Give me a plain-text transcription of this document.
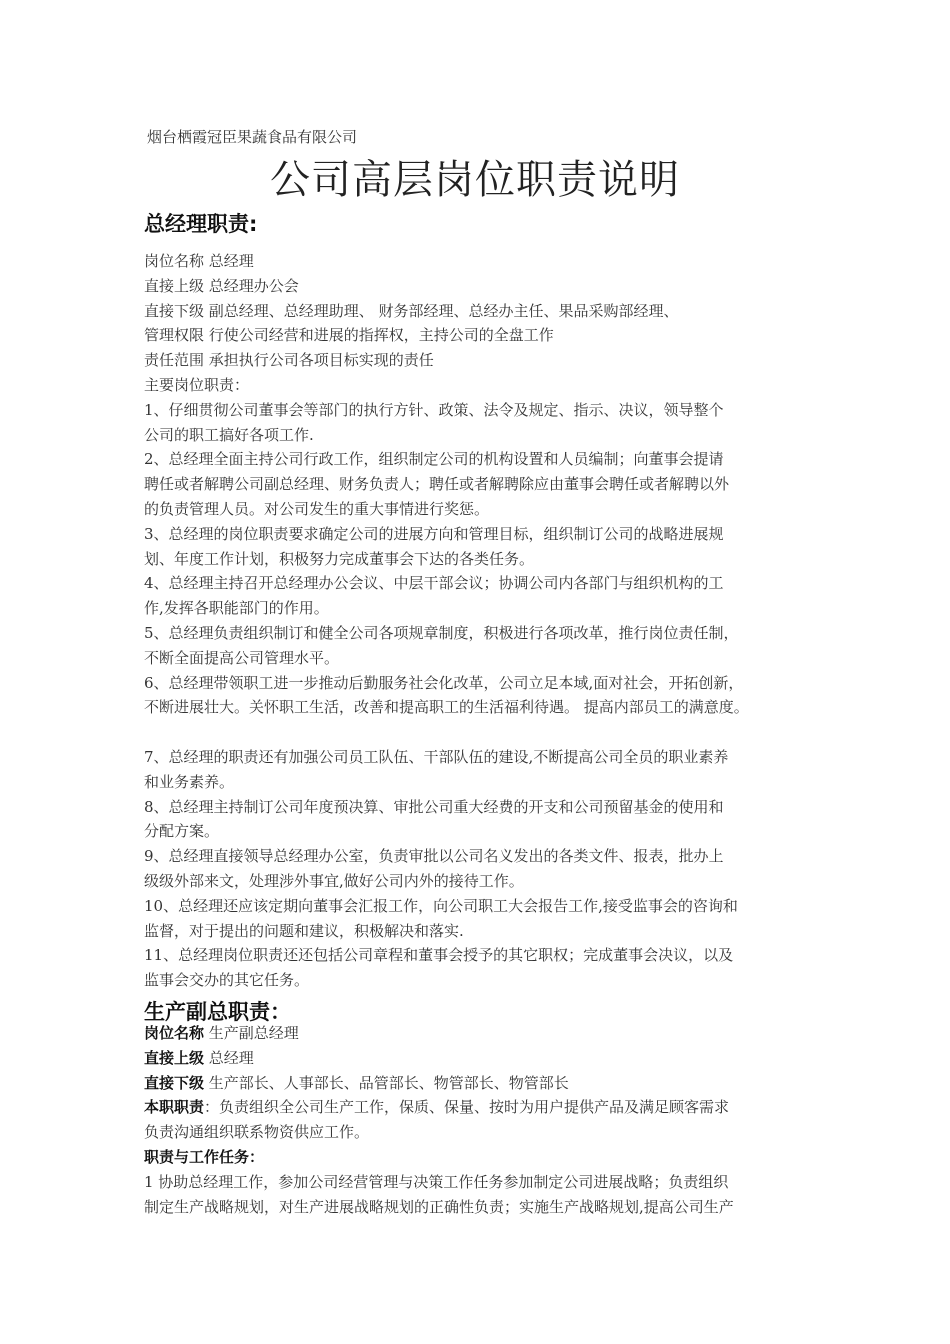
烟台栖霞冠臣果蔬食品有限公司
公司高层岗位职责说明
总经理职责:
岗位名称 总经理
直接上级 总经理办公会
直接下级 副总经理、总经理助理、 财务部经理、总经办主任、果品采购部经理、
管理权限 行使公司经营和进展的指挥权，主持公司的全盘工作
责任范围 承担执行公司各项目标实现的责任
主要岗位职责：
1、仔细贯彻公司董事会等部门的执行方针、政策、法令及规定、指示、决议，领导整个
公司的职工搞好各项工作.
2、总经理全面主持公司行政工作，组织制定公司的机构设置和人员编制；向董事会提请
聘任或者解聘公司副总经理、财务负责人；聘任或者解聘除应由董事会聘任或者解聘以外
的负责管理人员。对公司发生的重大事情进行奖惩。
3、总经理的岗位职责要求确定公司的进展方向和管理目标，组织制订公司的战略进展规
划、年度工作计划，积极努力完成董事会下达的各类任务。
4、总经理主持召开总经理办公会议、中层干部会议；协调公司内各部门与组织机构的工
作,发挥各职能部门的作用。
5、总经理负责组织制订和健全公司各项规章制度，积极进行各项改革，推行岗位责任制，
不断全面提高公司管理水平。
6、总经理带领职工进一步推动后勤服务社会化改革，公司立足本域,面对社会，开拓创新，
不断进展壮大。关怀职工生活，改善和提高职工的生活福利待遇。 提高内部员工的满意度。
7、总经理的职责还有加强公司员工队伍、干部队伍的建设,不断提高公司全员的职业素养
和业务素养。
8、总经理主持制订公司年度预决算、审批公司重大经费的开支和公司预留基金的使用和
分配方案。
9、总经理直接领导总经理办公室，负责审批以公司名义发出的各类文件、报表，批办上
级级外部来文，处理涉外事宜,做好公司内外的接待工作。
10、总经理还应该定期向董事会汇报工作，向公司职工大会报告工作,接受监事会的咨询和
监督，对于提出的问题和建议，积极解决和落实.
11、总经理岗位职责还还包括公司章程和董事会授予的其它职权；完成董事会决议，以及
监事会交办的其它任务。
生产副总职责：
岗位名称 生产副总经理
直接上级 总经理
直接下级 生产部长、人事部长、品管部长、物管部长、物管部长
本职职责：负责组织全公司生产工作，保质、保量、按时为用户提供产品及满足顾客需求
负责沟通组织联系物资供应工作。
职责与工作任务：
1 协助总经理工作，参加公司经营管理与决策工作任务参加制定公司进展战略；负责组织
制定生产战略规划，对生产进展战略规划的正确性负责；实施生产战略规划,提高公司生产
